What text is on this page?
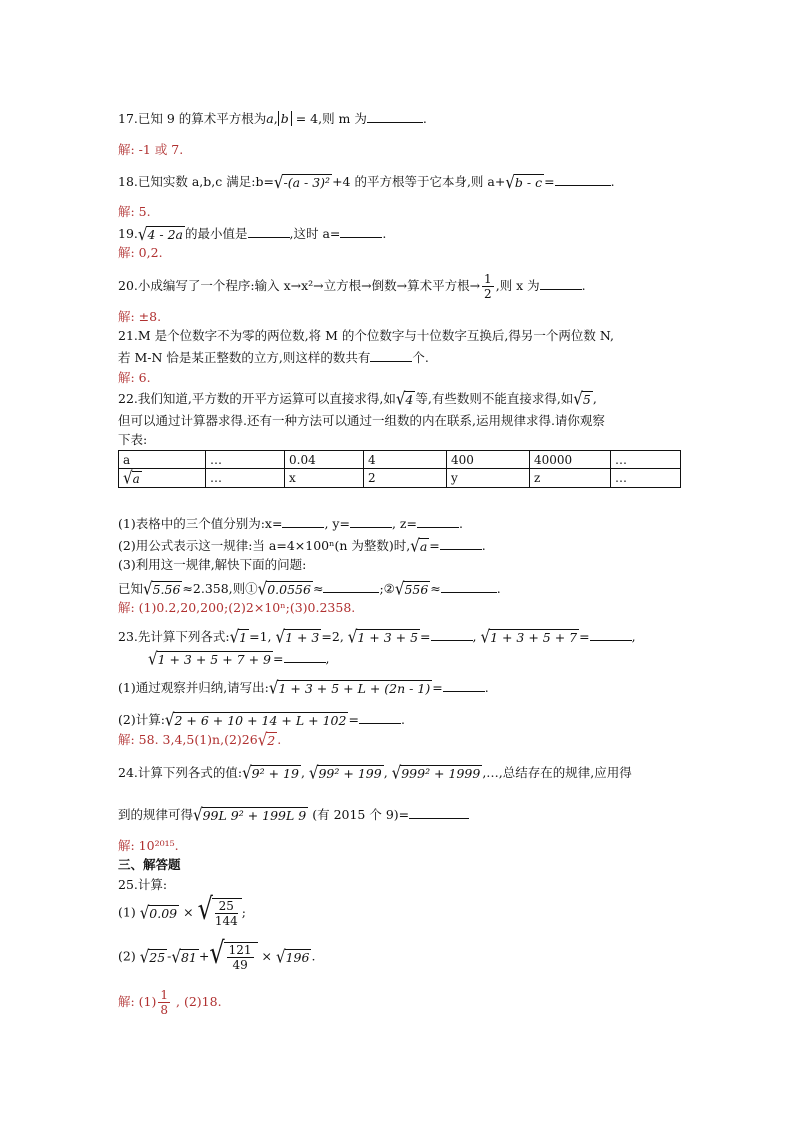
17.已知 9 的算术平方根为a, b = 4,则 m 为	.
解: -1 或 7.
18.已知实数 a,b,c 满足:b=√-(a - 3)² +4 的平方根等于它本身,则 a+√b - c =	.
解: 5.
19.√4 - 2a 的最小值是	,这时 a=	.
解: 0,2.
20.小成编写了一个程序:输入 x→x²→立方根→倒数→算术平方根→ $\frac{1}{2}$ ,则 x 为	.
解: ±8.
21.M 是个位数字不为零的两位数,将 M 的个位数字与十位数字互换后,得另一个两位数 N,
若 M-N 恰是某正整数的立方,则这样的数共有	个.
解: 6.
22.我们知道,平方数的开平方运算可以直接求得,如√4 等,有些数则不能直接求得,如√5 ,
但可以通过计算器求得.还有一种方法可以通过一组数的内在联系,运用规律求得.请你观察
下表:
a	…	0.04	4	400	40000	…
√a	…	x	2	y	z	…
(1)表格中的三个值分别为:x=	, y=	, z=	.
(2)用公式表示这一规律:当 a=4×100ⁿ(n 为整数)时,√a =	.
(3)利用这一规律,解快下面的问题:
已知√5.56 ≈2.358,则①√0.0556 ≈	;②√556 ≈	.
解: (1)0.2,20,200;(2)2×10ⁿ;(3)0.2358.
23.先计算下列各式:√1 =1, √1 + 3 =2, √1 + 3 + 5 =	, √1 + 3 + 5 + 7 =	,
√1 + 3 + 5 + 7 + 9 =	,
(1)通过观察并归纳,请写出:√1 + 3 + 5 + L + (2n - 1) =	.
(2)计算:√2 + 6 + 10 + 14 + L + 102 =	.
解: 58. 3,4,5(1)n,(2)26√2 .
24.计算下列各式的值:√9² + 19 , √99² + 199 , √999² + 1999 ,…,总结存在的规律,应用得
到的规律可得√99L 9² + 199L 9 (有 2015 个 9)=
解: 10²⁰¹⁵.
三、解答题
25.计算:
(1) √0.09 × √ $\frac{25}{144}$ ;
(2) √25 -√81 +√ $\frac{121}{49} \times √196$ .
解: $(1) \frac{1}{8}$ , (2)18.
